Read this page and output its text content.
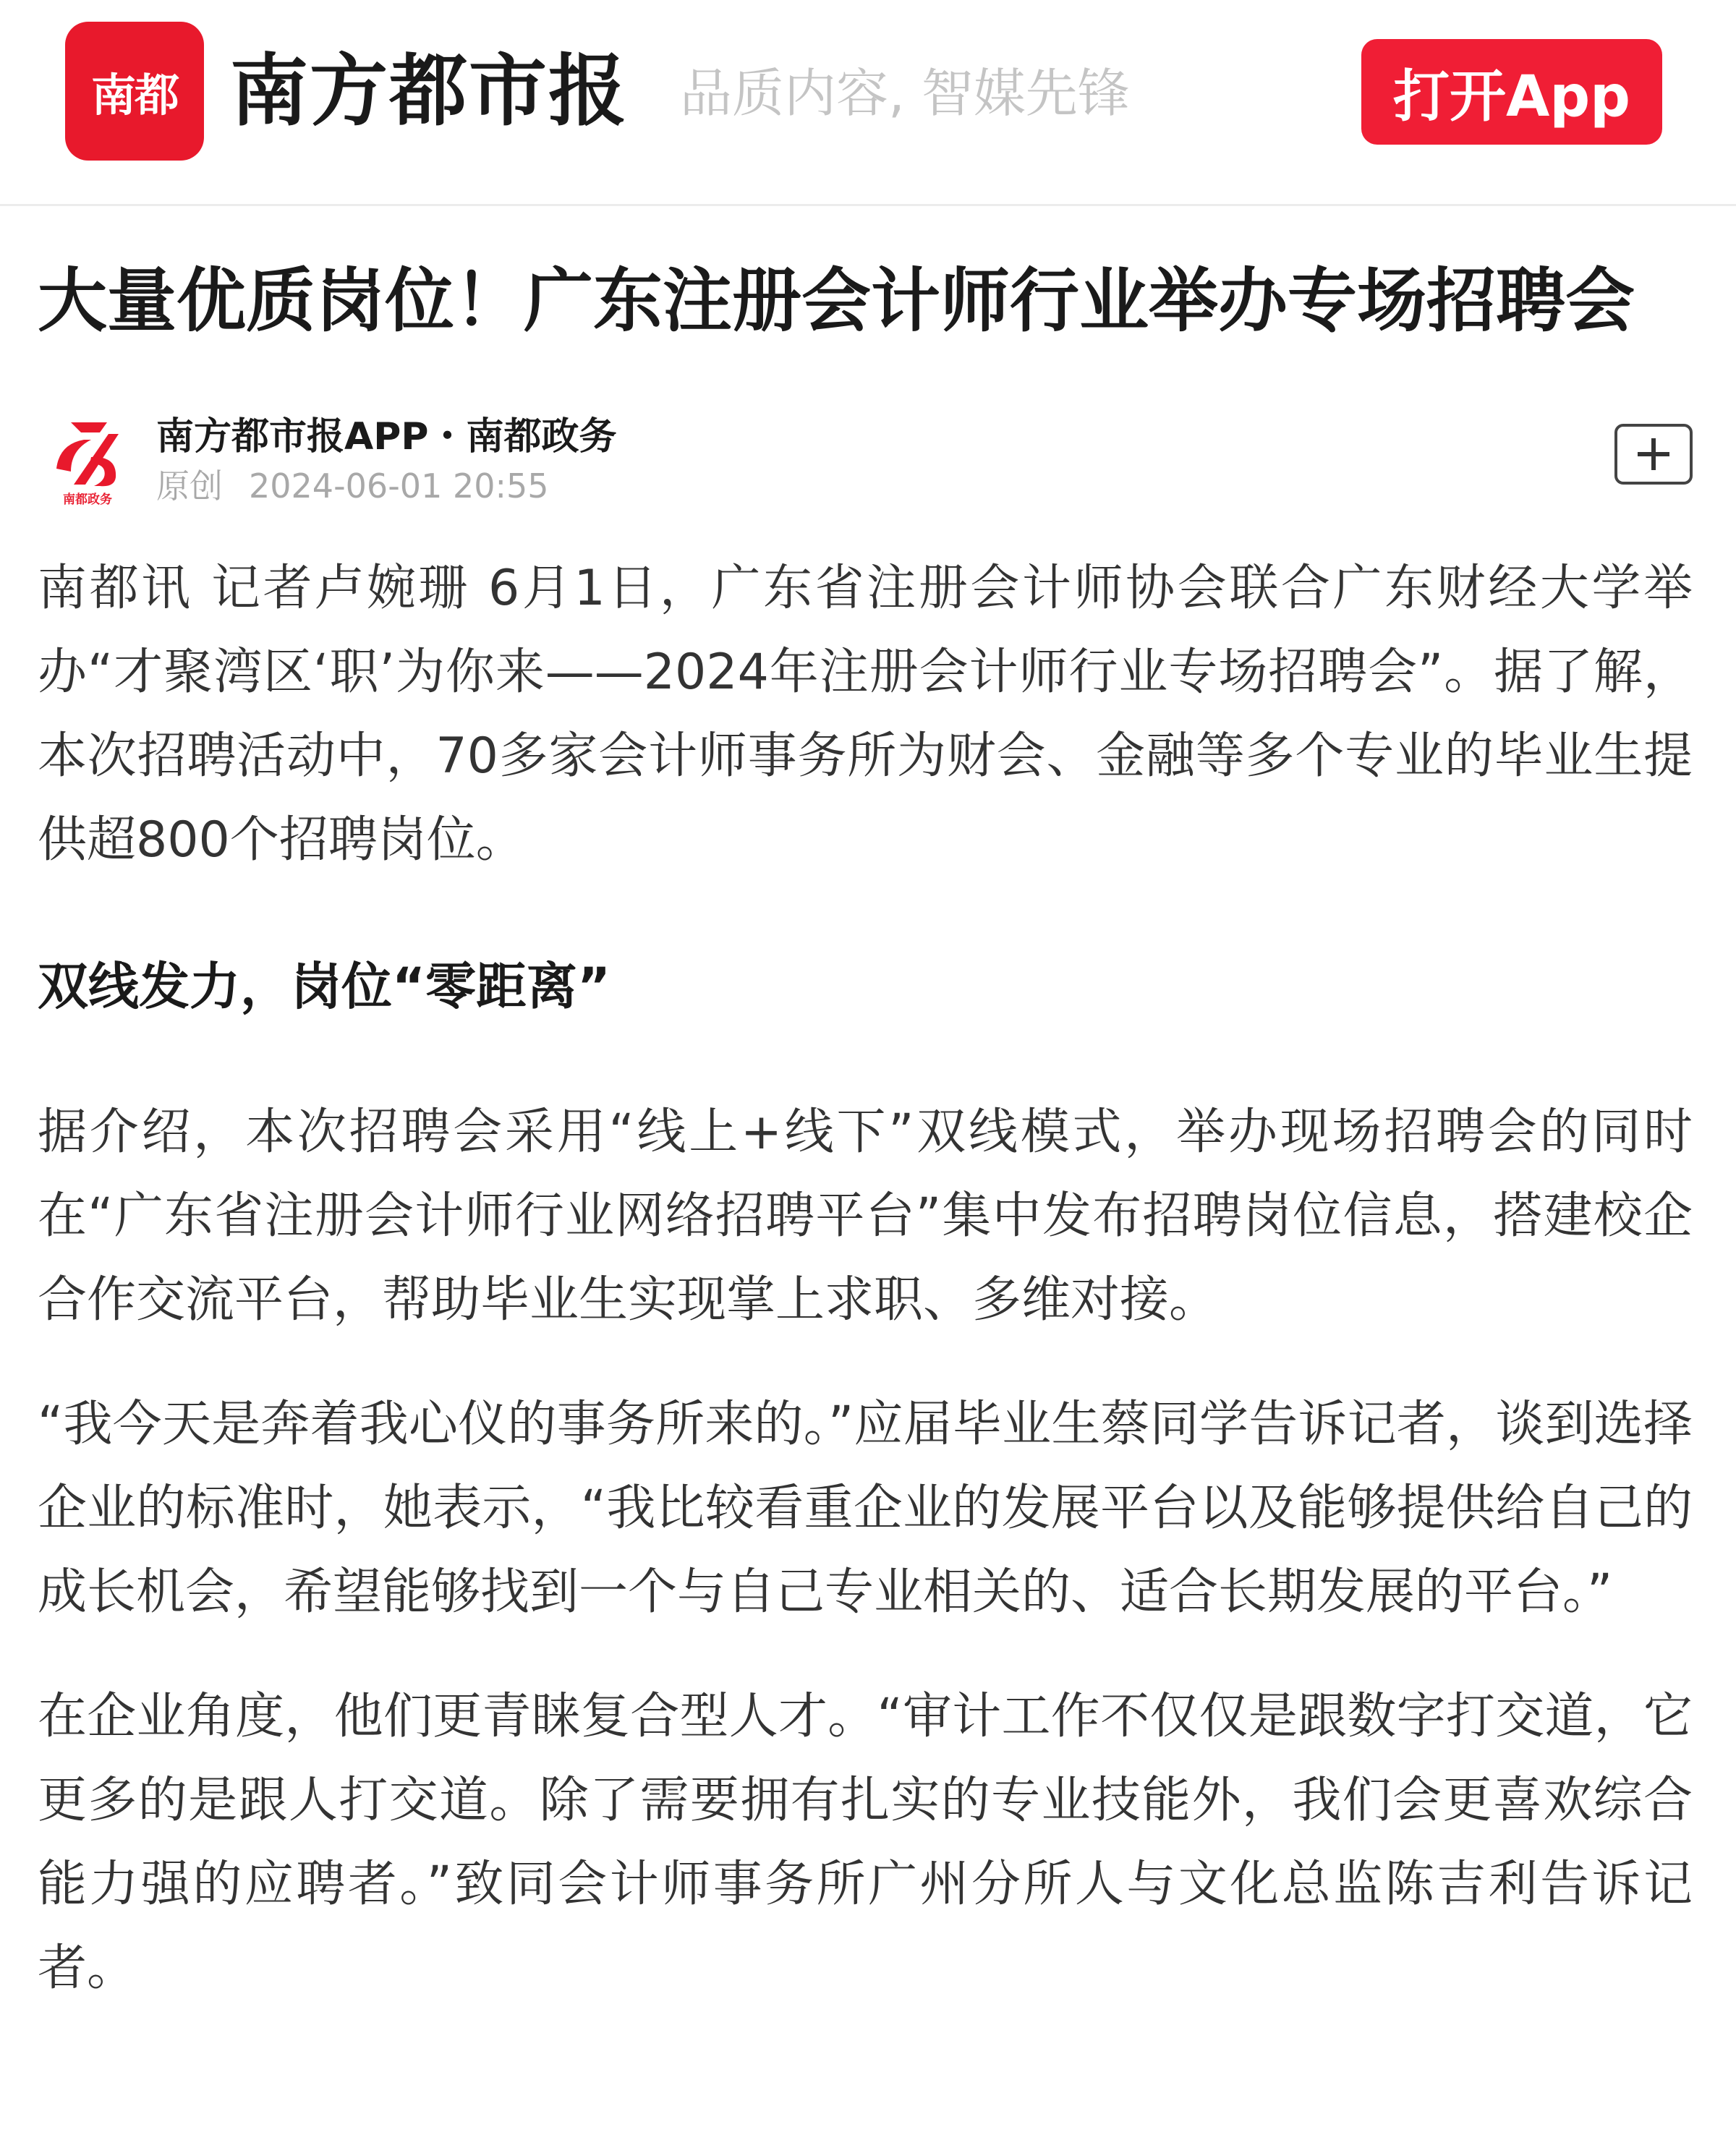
南都 南方都市报 品质内容, 智媒先锋	打开App
大量优质岗位！广东注册会计师行业举办专场招聘会
南都政务
南方都市报APP・南都政务
原创 2024-06-01 20:55

南都讯 记者卢婉珊 6月1日，广东省注册会计师协会联合广东财经大学举办“才聚湾区‘职’为你来——2024年注册会计师行业专场招聘会”。据了解，本次招聘活动中，70多家会计师事务所为财会、金融等多个专业的毕业生提供超800个招聘岗位。

双线发力，岗位“零距离”

据介绍，本次招聘会采用“线上+线下”双线模式，举办现场招聘会的同时在“广东省注册会计师行业网络招聘平台”集中发布招聘岗位信息，搭建校企合作交流平台，帮助毕业生实现掌上求职、多维对接。

“我今天是奔着我心仪的事务所来的。”应届毕业生蔡同学告诉记者，谈到选择企业的标准时，她表示，“我比较看重企业的发展平台以及能够提供给自己的成长机会，希望能够找到一个与自己专业相关的、适合长期发展的平台。”

在企业角度，他们更青睐复合型人才。“审计工作不仅仅是跟数字打交道，它更多的是跟人打交道。除了需要拥有扎实的专业技能外，我们会更喜欢综合能力强的应聘者。”致同会计师事务所广州分所人与文化总监陈吉利告诉记者。
